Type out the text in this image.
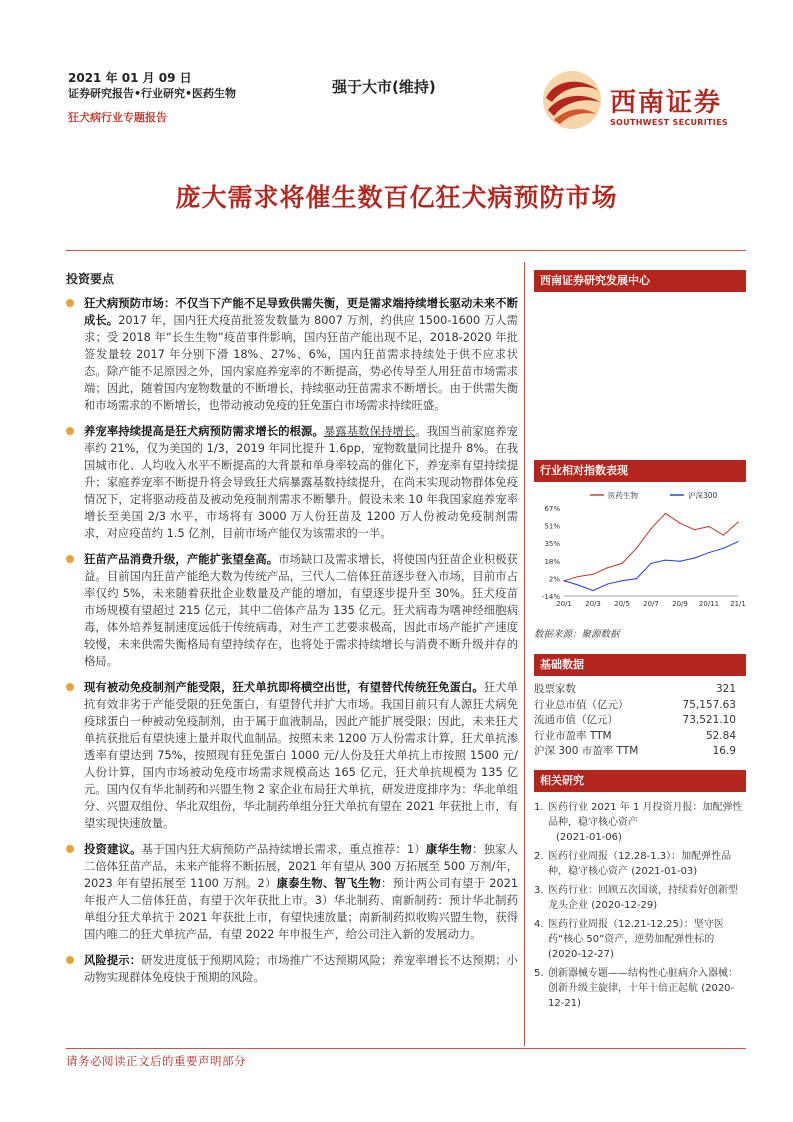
2021 年 01 月 09 日
证券研究报告•行业研究•医药生物
狂犬病行业专题报告
强于大市(维持)
西南证券
SOUTHWEST SECURITIES
庞大需求将催生数百亿狂犬病预防市场
投资要点
狂犬病预防市场：不仅当下产能不足导致供需失衡，更是需求端持续增长驱动未来不断成长。2017 年，国内狂犬疫苗批签发数量为 8007 万剂，约供应 1500-1600 万人需求；受 2018 年“长生生物”疫苗事件影响，国内狂苗产能出现不足，2018-2020 年批签发量较 2017 年分别下滑 18%、27%、6%，国内狂苗需求持续处于供不应求状态。除产能不足原因之外，国内家庭养宠率的不断提高，势必传导至人用狂苗市场需求端；因此，随着国内宠物数量的不断增长，持续驱动狂苗需求不断增长。由于供需失衡和市场需求的不断增长，也带动被动免疫的狂免蛋白市场需求持续旺盛。
养宠率持续提高是狂犬病预防需求增长的根源。暴露基数保持增长。我国当前家庭养宠率约 21%，仅为美国的 1/3，2019 年同比提升 1.6pp，宠物数量同比提升 8%。在我国城市化、人均收入水平不断提高的大背景和单身率较高的催化下，养宠率有望持续提升；家庭养宠率不断提升将会导致狂犬病暴露基数持续提升，在尚未实现动物群体免疫情况下，定将驱动疫苗及被动免疫制剂需求不断攀升。假设未来 10 年我国家庭养宠率增长至美国 2/3 水平，市场将有 3000 万人份狂苗及 1200 万人份被动免疫制剂需求，对应疫苗约 1.5 亿剂，目前市场产能仅为该需求的一半。
狂苗产品消费升级，产能扩张望垒高。市场缺口及需求增长，将使国内狂苗企业积极获益。目前国内狂苗产能绝大数为传统产品，三代人二倍体狂苗逐步登入市场，目前市占率仅约 5%，未来随着获批企业数量及产能的增加，有望逐步提升至 30%。狂犬疫苗市场规模有望超过 215 亿元，其中二倍体产品为 135 亿元。狂犬病毒为嗜神经细胞病毒，体外培养复制速度远低于传统病毒，对生产工艺要求极高，因此市场产能扩产速度较慢，未来供需失衡格局有望持续存在，也将处于需求持续增长与消费不断升级并存的格局。
现有被动免疫制剂产能受限，狂犬单抗即将横空出世，有望替代传统狂免蛋白。狂犬单抗有效非劣于产能受限的狂免蛋白，有望替代并扩大市场。我国目前只有人源狂犬病免疫球蛋白一种被动免疫制剂，由于属于血液制品，因此产能扩展受限；因此，未来狂犬单抗获批后有望快速上量并取代血制品。按照未来 1200 万人份需求计算，狂犬单抗渗透率有望达到 75%，按照现有狂免蛋白 1000 元/人份及狂犬单抗上市按照 1500 元/人份计算，国内市场被动免疫市场需求规模高达 165 亿元，狂犬单抗规模为 135 亿元。国内仅有华北制药和兴盟生物 2 家企业布局狂犬单抗，研发进度排序为：华北单组分、兴盟双组份、华北双组份，华北制药单组分狂犬单抗有望在 2021 年获批上市，有望实现快速放量。
投资建议。基于国内狂犬病预防产品持续增长需求，重点推荐：1）康华生物：独家人二倍体狂苗产品，未来产能将不断拓展，2021 年有望从 300 万拓展至 500 万剂/年，2023 年有望拓展至 1100 万剂。2）康泰生物、智飞生物：预计两公司有望于 2021 年报产人二倍体狂苗，有望于次年获批上市。3）华北制药、南新制药：预计华北制药单组分狂犬单抗于 2021 年获批上市，有望快速放量；南新制药拟收购兴盟生物，获得国内唯二的狂犬单抗产品，有望 2022 年申报生产，给公司注入新的发展动力。
风险提示：研发进度低于预期风险；市场推广不达预期风险；养宠率增长不达预期；小动物实现群体免疫快于预期的风险。
西南证券研究发展中心
行业相对指数表现
67%
51%
35%
18%
2%
-14%
20/1 20/3 20/5 20/7 20/9 20/11 21/1
医药生物	沪深300
数据来源：聚源数据
基础数据
股票家数	321
行业总市值（亿元）	75,157.63
流通市值（亿元）	73,521.10
行业市盈率 TTM	52.84
沪深 300 市盈率 TTM	16.9
相关研究
1. 医药行业 2021 年 1 月投资月报：加配弹性品种，稳守核心资产
(2021-01-06)
2. 医药行业周报（12.28-1.3）：加配弹性品种，稳守核心资产 (2021-01-03)
3. 医药行业：回顾五次国谈，持续看好创新型龙头企业 (2020-12-29)
4. 医药行业周报（12.21-12.25）：坚守医药“核心 50”资产，逆势加配弹性标的 (2020-12-27)
5. 创新器械专题——结构性心脏病介入器械：创新升级主旋律，十年十倍正起航 (2020-12-21)
请务必阅读正文后的重要声明部分
